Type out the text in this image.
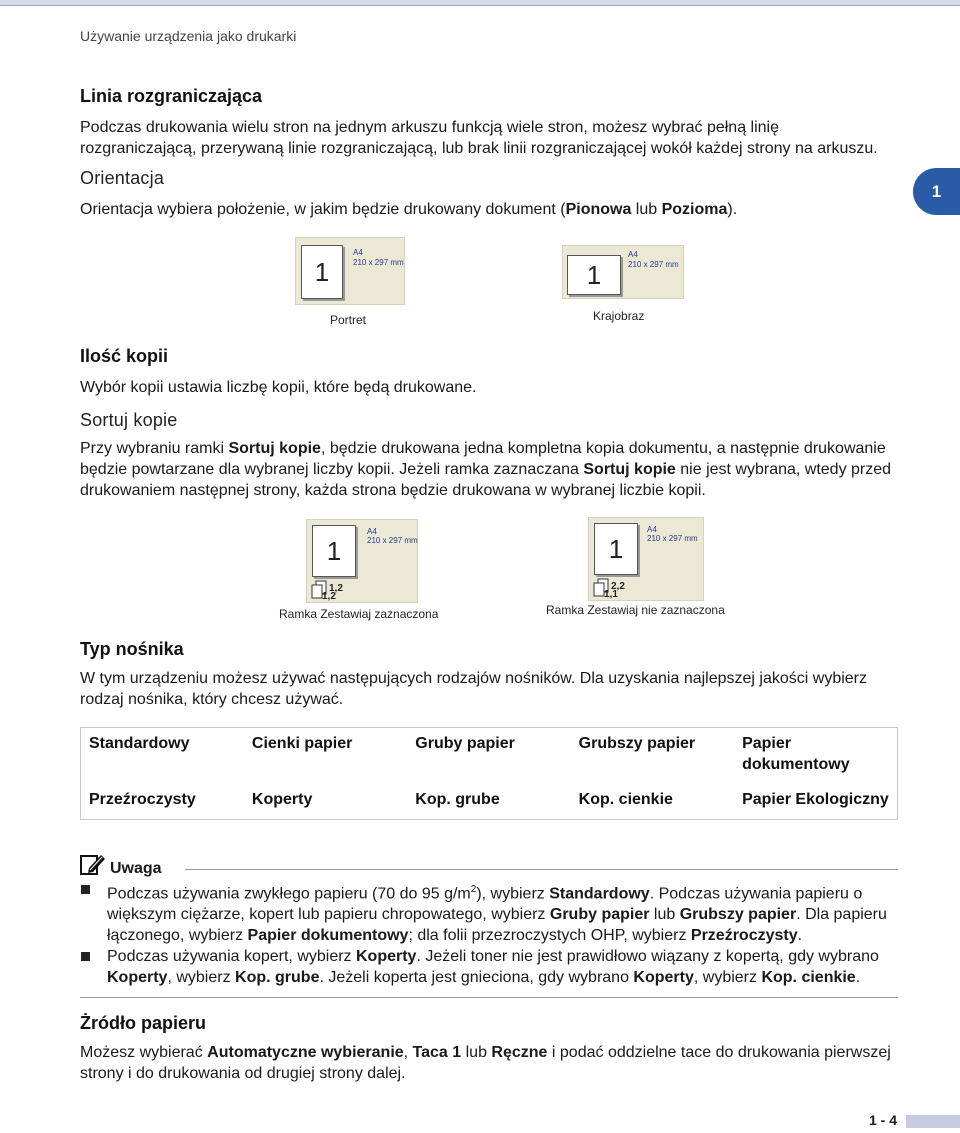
Używanie urządzenia jako drukarki
1
Linia rozgraniczająca

Podczas drukowania wielu stron na jednym arkuszu funkcją wiele stron, możesz wybrać pełną linię rozgraniczającą, przerywaną linie rozgraniczającą, lub brak linii rozgraniczającej wokół każdej strony na arkuszu.

Orientacja

Orientacja wybiera położenie, w jakim będzie drukowany dokument (Pionowa lub Pozioma).

1
A4
210 x 297 mm
Portret
1
A4
210 x 297 mm
Krajobraz
Ilość kopii

Wybór kopii ustawia liczbę kopii, które będą drukowane.

Sortuj kopie

Przy wybraniu ramki Sortuj kopie, będzie drukowana jedna kompletna kopia dokumentu, a następnie drukowanie będzie powtarzane dla wybranej liczby kopii. Jeżeli ramka zaznaczana Sortuj kopie nie jest wybrana, wtedy przed drukowaniem następnej strony, każda strona będzie drukowana w wybranej liczbie kopii.

1
A4
210 x 297 mm
1,2
1,2
Ramka Zestawiaj zaznaczona
1
A4
210 x 297 mm
2,2
1,1
Ramka Zestawiaj nie zaznaczona
Typ nośnika

W tym urządzeniu możesz używać następujących rodzajów nośników. Dla uzyskania najlepszej jakości wybierz rodzaj nośnika, który chcesz używać.

Standardowy	Cienki papier	Gruby papier	Grubszy papier	Papier dokumentowy
Przeźroczysty	Koperty	Kop. grube	Kop. cienkie	Papier Ekologiczny
Uwaga
Podczas używania zwykłego papieru (70 do 95 $g/m^2$), wybierz Standardowy. Podczas używania papieru o większym ciężarze, kopert lub papieru chropowatego, wybierz Gruby papier lub Grubszy papier. Dla papieru łączonego, wybierz Papier dokumentowy; dla folii przezroczystych OHP, wybierz Przeźroczysty.
Podczas używania kopert, wybierz Koperty. Jeżeli toner nie jest prawidłowo wiązany z kopertą, gdy wybrano Koperty, wybierz Kop. grube. Jeżeli koperta jest gnieciona, gdy wybrano Koperty, wybierz Kop. cienkie.
Żródło papieru

Możesz wybierać Automatyczne wybieranie, Taca 1 lub Ręczne i podać oddzielne tace do drukowania pierwszej strony i do drukowania od drugiej strony dalej.

1 - 4
